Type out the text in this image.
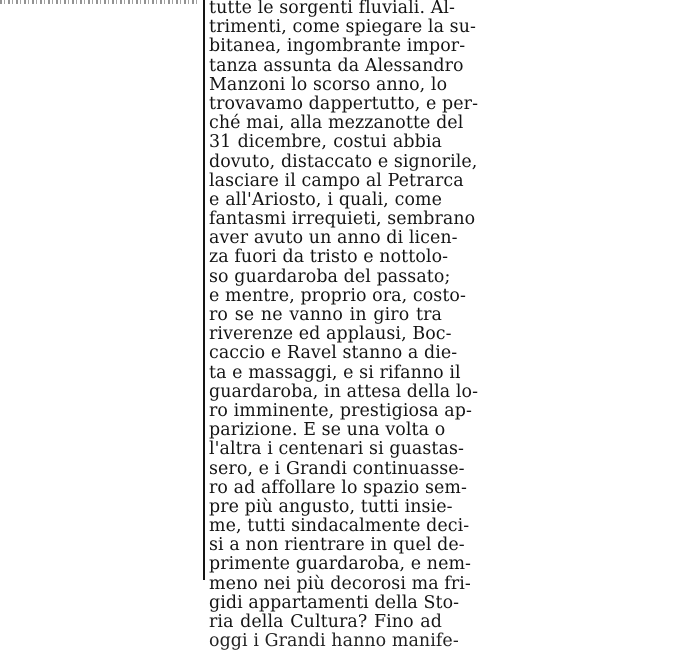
tutte le sorgenti fluviali. Al-
trimenti, come spiegare la su-
bitanea, ingombrante impor-
tanza assunta da Alessandro
Manzoni lo scorso anno, lo
trovavamo dappertutto, e per-
ché mai, alla mezzanotte del
31 dicembre, costui abbia
dovuto, distaccato e signorile,
lasciare il campo al Petrarca
e all'Ariosto, i quali, come
fantasmi irrequieti, sembrano
aver avuto un anno di licen-
za fuori da tristo e nottolo-
so guardaroba del passato;
e mentre, proprio ora, costo-
ro se ne vanno in giro tra
riverenze ed applausi, Boc-
caccio e Ravel stanno a die-
ta e massaggi, e si rifanno il
guardaroba, in attesa della lo-
ro imminente, prestigiosa ap-
parizione. E se una volta o
l'altra i centenari si guastas-
sero, e i Grandi continuasse-
ro ad affollare lo spazio sem-
pre più angusto, tutti insie-
me, tutti sindacalmente deci-
si a non rientrare in quel de-
primente guardaroba, e nem-
meno nei più decorosi ma fri-
gidi appartamenti della Sto-
ria della Cultura? Fino ad
oggi i Grandi hanno manife-
